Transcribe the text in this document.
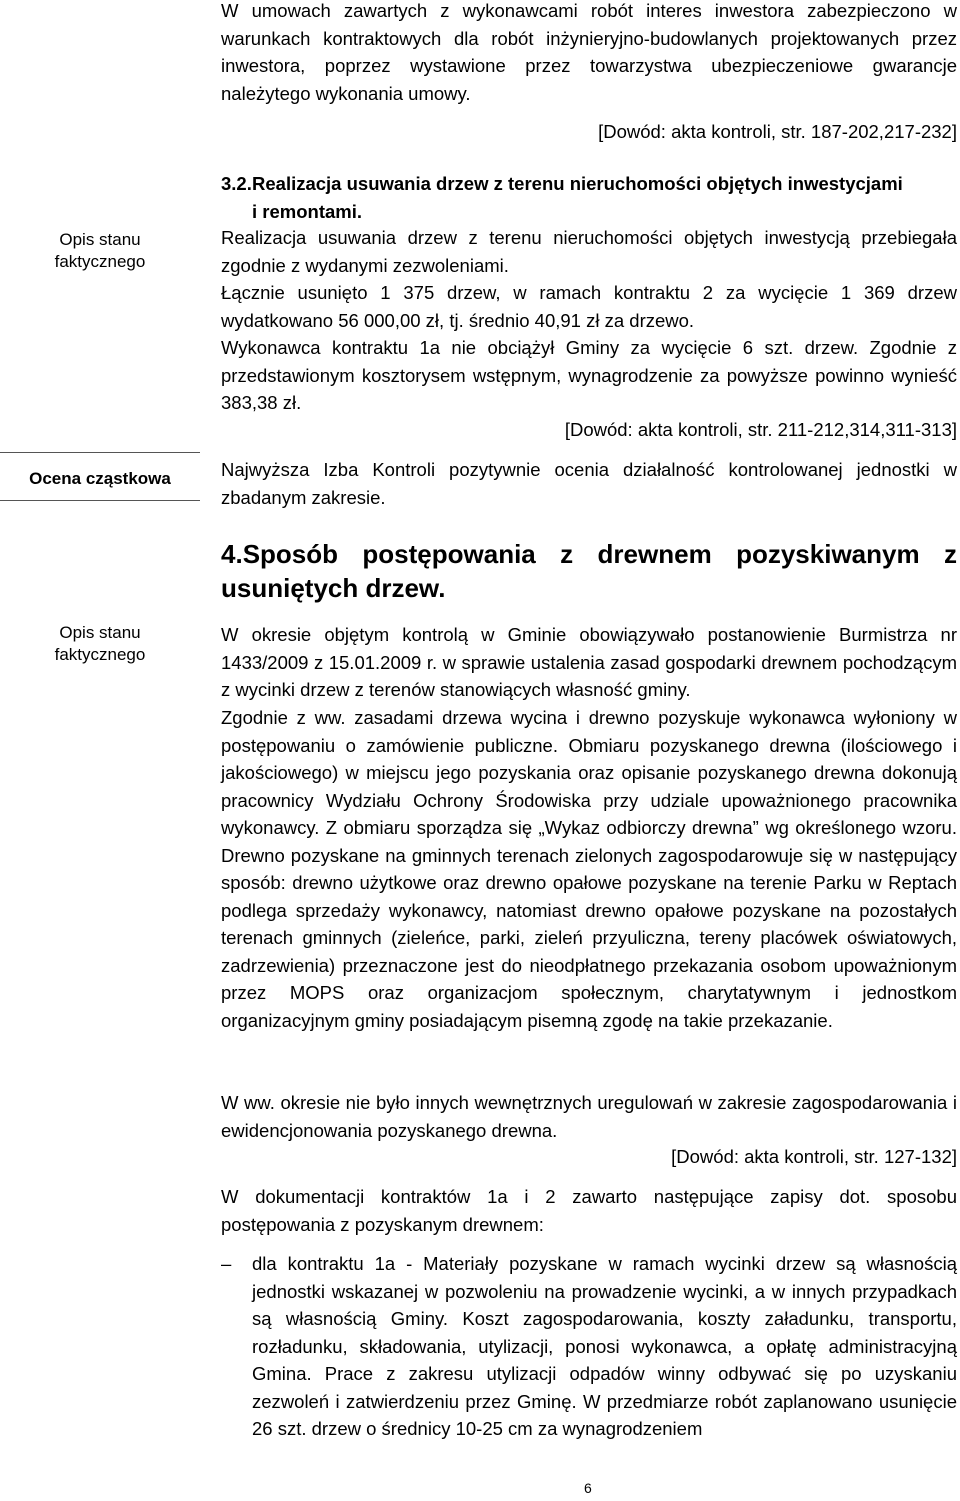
Opis stanu
faktycznego
Ocena cząstkowa
Opis stanu
faktycznego

W umowach zawartych z wykonawcami robót interes inwestora zabezpieczono w warunkach kontraktowych dla robót inżynieryjno-budowlanych projektowanych przez inwestora, poprzez wystawione przez towarzystwa ubezpieczeniowe gwarancje należytego wykonania umowy.

[Dowód: akta kontroli, str. 187-202,217-232]

3.2.Realizacja usuwania drzew z terenu nieruchomości objętych inwestycjami
i remontami.

Realizacja usuwania drzew z terenu nieruchomości objętych inwestycją przebiegała zgodnie z wydanymi zezwoleniami.

Łącznie usunięto 1 375 drzew, w ramach kontraktu 2 za wycięcie 1 369 drzew wydatkowano 56 000,00 zł, tj. średnio 40,91 zł za drzewo.

Wykonawca kontraktu 1a nie obciążył Gminy za wycięcie 6 szt. drzew. Zgodnie z przedstawionym kosztorysem wstępnym, wynagrodzenie za powyższe powinno wynieść 383,38 zł.

[Dowód: akta kontroli, str. 211-212,314,311-313]

Najwyższa Izba Kontroli pozytywnie ocenia działalność kontrolowanej jednostki w zbadanym zakresie.

4.Sposób postępowania z drewnem pozyskiwanym z usuniętych drzew.

W okresie objętym kontrolą w Gminie obowiązywało postanowienie Burmistrza nr 1433/2009 z 15.01.2009 r. w sprawie ustalenia zasad gospodarki drewnem pochodzącym z wycinki drzew z terenów stanowiących własność gminy.

Zgodnie z ww. zasadami drzewa wycina i drewno pozyskuje wykonawca wyłoniony w postępowaniu o zamówienie publiczne. Obmiaru pozyskanego drewna (ilościowego i jakościowego) w miejscu jego pozyskania oraz opisanie pozyskanego drewna dokonują pracownicy Wydziału Ochrony Środowiska przy udziale upoważnionego pracownika wykonawcy. Z obmiaru sporządza się „Wykaz odbiorczy drewna” wg określonego wzoru. Drewno pozyskane na gminnych terenach zielonych zagospodarowuje się w następujący sposób: drewno użytkowe oraz drewno opałowe pozyskane na terenie Parku w Reptach podlega sprzedaży wykonawcy, natomiast drewno opałowe pozyskane na pozostałych terenach gminnych (zieleńce, parki, zieleń przyuliczna, tereny placówek oświatowych, zadrzewienia) przeznaczone jest do nieodpłatnego przekazania osobom upoważnionym przez MOPS oraz organizacjom społecznym, charytatywnym i jednostkom organizacyjnym gminy posiadającym pisemną zgodę na takie przekazanie.

W ww. okresie nie było innych wewnętrznych uregulowań w zakresie zagospodarowania i ewidencjonowania pozyskanego drewna.

[Dowód: akta kontroli, str. 127-132]

W dokumentacji kontraktów 1a i 2 zawarto następujące zapisy dot. sposobu postępowania z pozyskanym drewnem:

–	dla kontraktu 1a - Materiały pozyskane w ramach wycinki drzew są własnością jednostki wskazanej w pozwoleniu na prowadzenie wycinki, a w innych przypadkach są własnością Gminy. Koszt zagospodarowania, koszty załadunku, transportu, rozładunku, składowania, utylizacji, ponosi wykonawca, a opłatę administracyjną Gmina. Prace z zakresu utylizacji odpadów winny odbywać się po uzyskaniu zezwoleń i zatwierdzeniu przez Gminę. W przedmiarze robót zaplanowano usunięcie 26 szt. drzew o średnicy 10-25 cm za wynagrodzeniem
6
